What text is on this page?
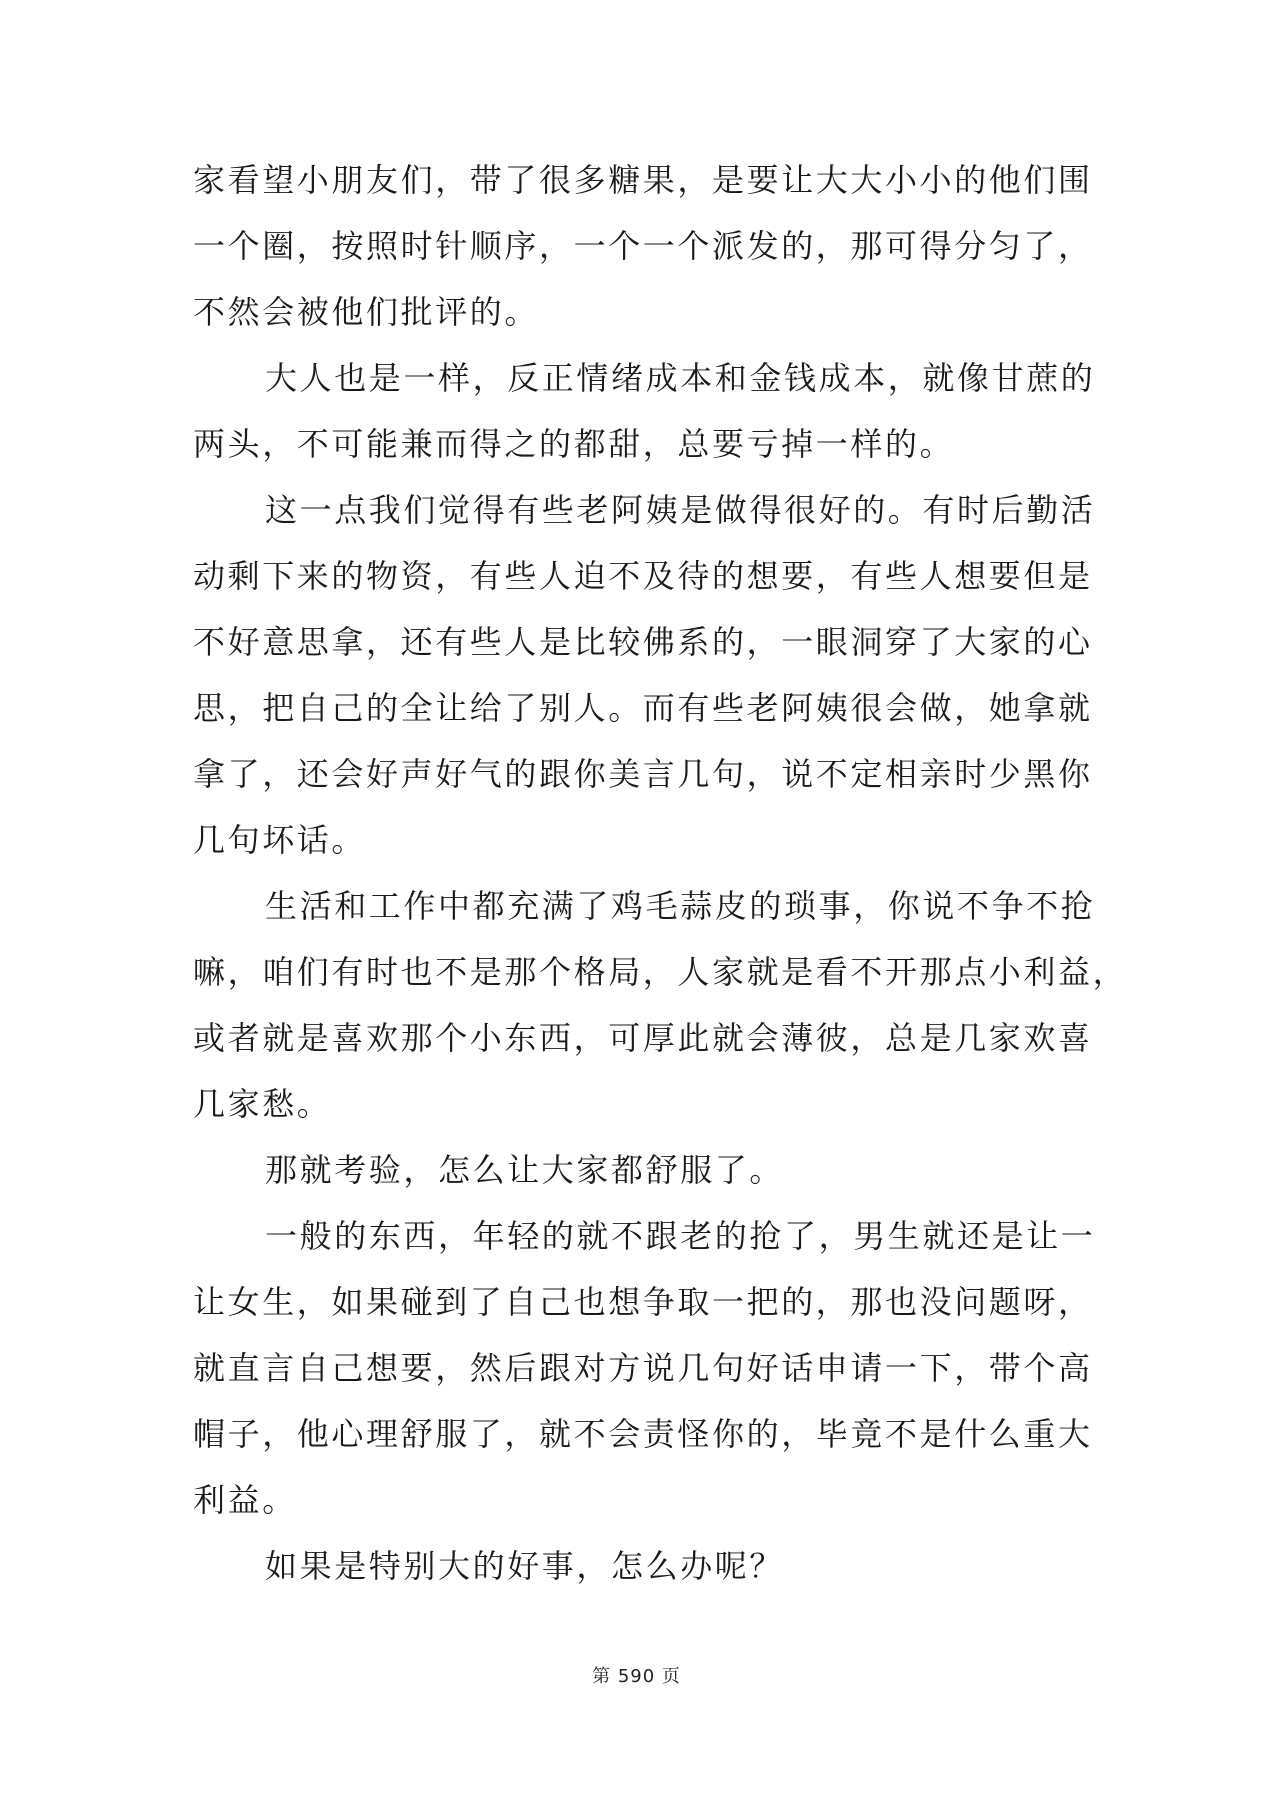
家看望小朋友们，带了很多糖果，是要让大大小小的他们围
一个圈，按照时针顺序，一个一个派发的，那可得分匀了，
不然会被他们批评的。
大人也是一样，反正情绪成本和金钱成本，就像甘蔗的
两头，不可能兼而得之的都甜，总要亏掉一样的。
这一点我们觉得有些老阿姨是做得很好的。有时后勤活
动剩下来的物资，有些人迫不及待的想要，有些人想要但是
不好意思拿，还有些人是比较佛系的，一眼洞穿了大家的心
思，把自己的全让给了别人。而有些老阿姨很会做，她拿就
拿了，还会好声好气的跟你美言几句，说不定相亲时少黑你
几句坏话。
生活和工作中都充满了鸡毛蒜皮的琐事，你说不争不抢
嘛，咱们有时也不是那个格局，人家就是看不开那点小利益，
或者就是喜欢那个小东西，可厚此就会薄彼，总是几家欢喜
几家愁。
那就考验，怎么让大家都舒服了。
一般的东西，年轻的就不跟老的抢了，男生就还是让一
让女生，如果碰到了自己也想争取一把的，那也没问题呀，
就直言自己想要，然后跟对方说几句好话申请一下，带个高
帽子，他心理舒服了，就不会责怪你的，毕竟不是什么重大
利益。
如果是特别大的好事，怎么办呢？
第 590 页
